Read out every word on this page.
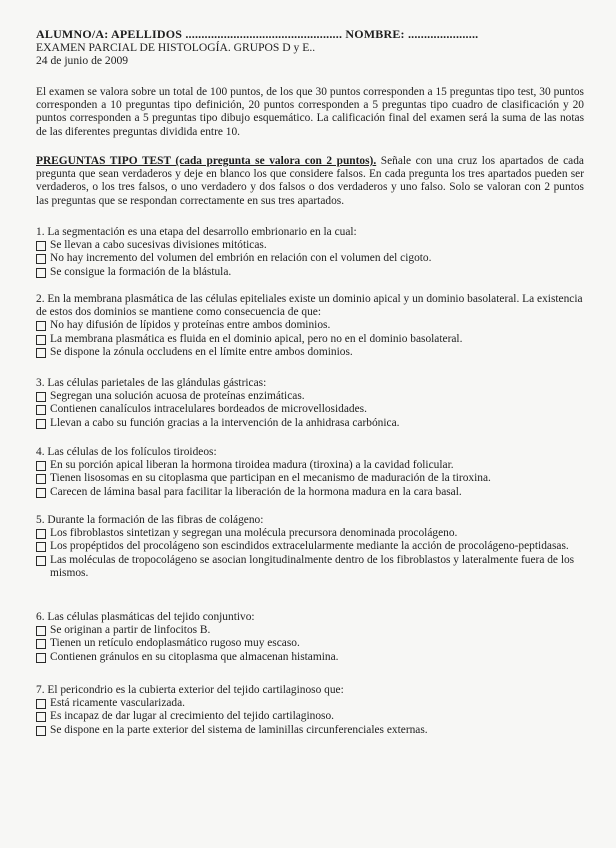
ALUMNO/A: APELLIDOS ................................................. NOMBRE: ......................
EXAMEN PARCIAL DE HISTOLOGÍA. GRUPOS D y E..
24 de junio de 2009
El examen se valora sobre un total de 100 puntos, de los que 30 puntos corresponden a 15 preguntas tipo test, 30 puntos corresponden a 10 preguntas tipo definición, 20 puntos corresponden a 5 preguntas tipo cuadro de clasificación y 20 puntos corresponden a 5 preguntas tipo dibujo esquemático. La calificación final del examen será la suma de las notas de las diferentes preguntas dividida entre 10.
PREGUNTAS TIPO TEST (cada pregunta se valora con 2 puntos). Señale con una cruz los apartados de cada pregunta que sean verdaderos y deje en blanco los que considere falsos. En cada pregunta los tres apartados pueden ser verdaderos, o los tres falsos, o uno verdadero y dos falsos o dos verdaderos y uno falso. Solo se valoran con 2 puntos las preguntas que se respondan correctamente en sus tres apartados.
1. La segmentación es una etapa del desarrollo embrionario en la cual:
Se llevan a cabo sucesivas divisiones mitóticas.
No hay incremento del volumen del embrión en relación con el volumen del cigoto.
Se consigue la formación de la blástula.
2. En la membrana plasmática de las células epiteliales existe un dominio apical y un dominio basolateral. La existencia de estos dos dominios se mantiene como consecuencia de que:
No hay difusión de lípidos y proteínas entre ambos dominios.
La membrana plasmática es fluida en el dominio apical, pero no en el dominio basolateral.
Se dispone la zónula occludens en el límite entre ambos dominios.
3. Las células parietales de las glándulas gástricas:
Segregan una solución acuosa de proteínas enzimáticas.
Contienen canalículos intracelulares bordeados de microvellosidades.
Llevan a cabo su función gracias a la intervención de la anhidrasa carbónica.
4. Las células de los folículos tiroideos:
En su porción apical liberan la hormona tiroidea madura (tiroxina) a la cavidad folicular.
Tienen lisosomas en su citoplasma que participan en el mecanismo de maduración de la tiroxina.
Carecen de lámina basal para facilitar la liberación de la hormona madura en la cara basal.
5. Durante la formación de las fibras de colágeno:
Los fibroblastos sintetizan y segregan una molécula precursora denominada procolágeno.
Los propéptidos del procolágeno son escindidos extracelularmente mediante la acción de procolágeno-peptidasas.
Las moléculas de tropocolágeno se asocian longitudinalmente dentro de los fibroblastos y lateralmente fuera de los mismos.
6. Las células plasmáticas del tejido conjuntivo:
Se originan a partir de linfocitos B.
Tienen un retículo endoplasmático rugoso muy escaso.
Contienen gránulos en su citoplasma que almacenan histamina.
7. El pericondrio es la cubierta exterior del tejido cartilaginoso que:
Está ricamente vascularizada.
Es incapaz de dar lugar al crecimiento del tejido cartilaginoso.
Se dispone en la parte exterior del sistema de laminillas circunferenciales externas.
